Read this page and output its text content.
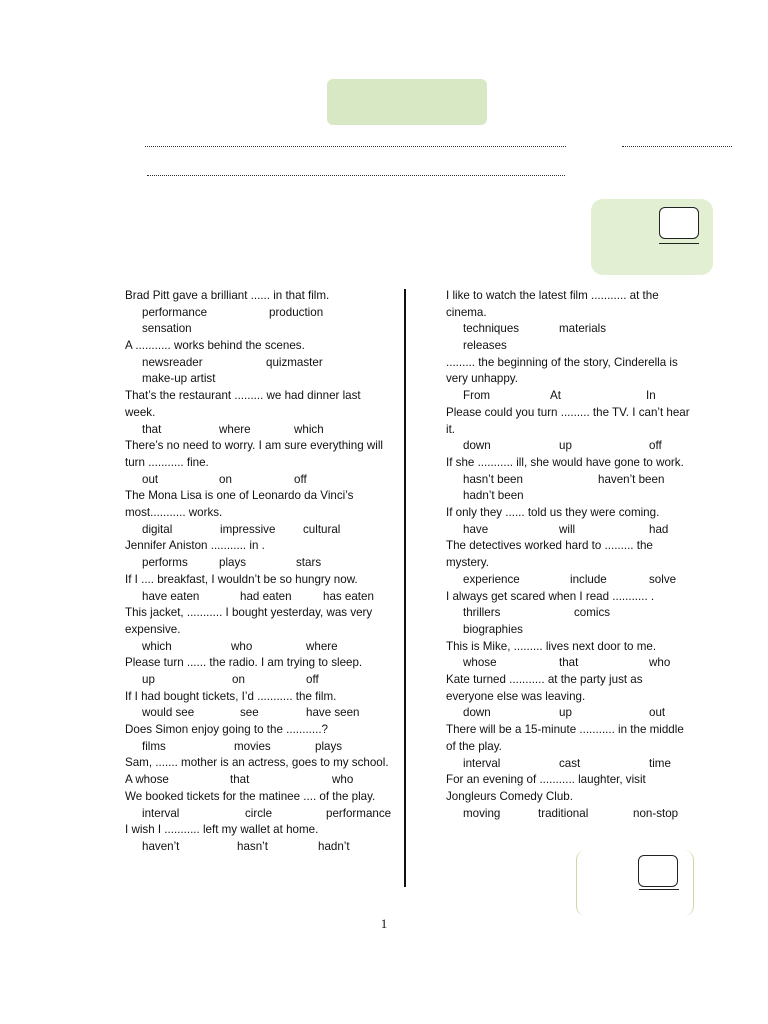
Brad Pitt gave a brilliant ...... in that film.
performance	production
sensation
A ........... works behind the scenes.
newsreader	quizmaster
make-up artist
That’s the restaurant ......... we had dinner last week.
that	where	which
There’s no need to worry. I am sure everything will turn ........... fine.
out	on	off
The Mona Lisa is one of Leonardo da Vinci’s most........... works.
digital	impressive cultural
Jennifer Aniston ........... in .
performs	plays	stars
If I .... breakfast, I wouldn’t be so hungry now.
have eaten	had eaten	has eaten
This jacket, ........... I bought yesterday, was very expensive.
which	who	where
Please turn ...... the radio. I am trying to sleep.
up	on	off
If I had bought tickets, I’d ........... the film.
would see	see	have seen
Does Simon enjoy going to the ...........?
films	movies	plays
Sam, ....... mother is an actress, goes to my school.
A whose	that	who
We booked tickets for the matinee .... of the play.
interval	circle	performance
I wish I ........... left my wallet at home.
haven’t	hasn’t	hadn’t
I like to watch the latest film ........... at the cinema.
techniques	materials
releases
......... the beginning of the story, Cinderella is very unhappy.
From	At	In
Please could you turn ......... the TV. I can’t hear it.
down	up	off
If she ........... ill, she would have gone to work.
hasn’t been	haven’t been
hadn’t been
If only they ...... told us they were coming.
have	will	had
The detectives worked hard to ......... the mystery.
experience	include	solve
I always get scared when I read ........... .
thrillers	comics
biographies
This is Mike, ......... lives next door to me.
whose	that	who
Kate turned ........... at the party just as everyone else was leaving.
down	up	out
There will be a 15-minute ........... in the middle of the play.
interval	cast	time
For an evening of ........... laughter, visit Jongleurs Comedy Club.
moving	traditional	non-stop
1
